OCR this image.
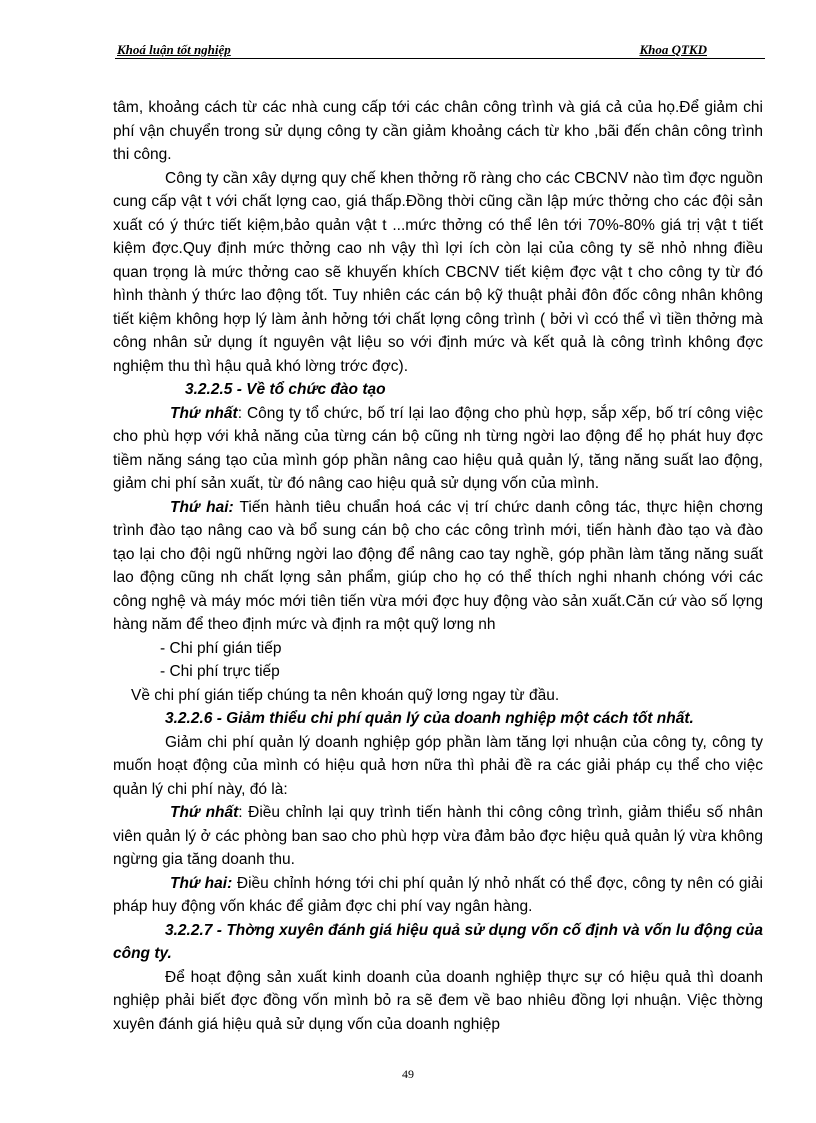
Khoá luận tốt nghiệp	Khoa QTKD

tâm, khoảng cách từ các nhà cung cấp tới các chân công trình và giá cả của họ.Để giảm chi phí vận chuyển trong sử dụng công ty cần giảm khoảng cách từ kho ,bãi đến chân công trình thi công.

Công ty cần xây dựng quy chế khen thởng rõ ràng cho các CBCNV nào tìm đợc nguồn cung cấp vật t với chất lợng cao, giá thấp.Đồng thời cũng cần lập mức thởng cho các đội sản xuất có ý thức tiết kiệm,bảo quản vật t ...mức thởng có thể lên tới 70%-80% giá trị vật t tiết kiệm đợc.Quy định mức thởng cao nh vậy thì lợi ích còn lại của công ty sẽ nhỏ nhng điều quan trọng là mức thởng cao sẽ khuyến khích CBCNV tiết kiệm đợc vật t cho công ty từ đó hình thành ý thức lao động tốt. Tuy nhiên các cán bộ kỹ thuật phải đôn đốc công nhân không tiết kiệm không hợp lý làm ảnh hởng tới chất lợng công trình ( bởi vì ccó thể vì tiền thởng mà công nhân sử dụng ít nguyên vật liệu so với định mức và kết quả là công trình không đợc nghiệm thu thì hậu quả khó lờng trớc đợc).

3.2.2.5 - Về tổ chức đào tạo

Thứ nhất: Công ty tổ chức, bố trí lại lao động cho phù hợp, sắp xếp, bố trí công việc cho phù hợp với khả năng của từng cán bộ cũng nh từng ngời lao động để họ phát huy đợc tiềm năng sáng tạo của mình góp phần nâng cao hiệu quả quản lý, tăng năng suất lao động, giảm chi phí sản xuất, từ đó nâng cao hiệu quả sử dụng vốn của mình.

Thứ hai: Tiến hành tiêu chuẩn hoá các vị trí chức danh công tác, thực hiện chơng trình đào tạo nâng cao và bổ sung cán bộ cho các công trình mới, tiến hành đào tạo và đào tạo lại cho đội ngũ những ngời lao động để nâng cao tay nghề, góp phần làm tăng năng suất lao động cũng nh chất lợng sản phẩm, giúp cho họ có thể thích nghi nhanh chóng với các công nghệ và máy móc mới tiên tiến vừa mới đợc huy động vào sản xuất.Căn cứ vào số lợng hàng năm để theo định mức và định ra một quỹ lơng nh

- Chi phí gián tiếp

- Chi phí trực tiếp

Về chi phí gián tiếp chúng ta nên khoán quỹ lơng ngay từ đầu.

3.2.2.6 - Giảm thiểu chi phí quản lý của doanh nghiệp một cách tốt nhất.

Giảm chi phí quản lý doanh nghiệp góp phần làm tăng lợi nhuận của công ty, công ty muốn hoạt động của mình có hiệu quả hơn nữa thì phải đề ra các giải pháp cụ thể cho việc quản lý chi phí này, đó là:

Thứ nhất: Điều chỉnh lại quy trình tiến hành thi công công trình, giảm thiểu số nhân viên quản lý ở các phòng ban sao cho phù hợp vừa đảm bảo đợc hiệu quả quản lý vừa không ngừng gia tăng doanh thu.

Thứ hai: Điều chỉnh hớng tới chi phí quản lý nhỏ nhất có thể đợc, công ty nên có giải pháp huy động vốn khác để giảm đợc chi phí vay ngân hàng.

3.2.2.7 - Thờng xuyên đánh giá hiệu quả sử dụng vốn cố định và vốn lu động của công ty.

Để hoạt động sản xuất kinh doanh của doanh nghiệp thực sự có hiệu quả thì doanh nghiệp phải biết đợc đồng vốn mình bỏ ra sẽ đem về bao nhiêu đồng lợi nhuận. Việc thờng xuyên đánh giá hiệu quả sử dụng vốn của doanh nghiệp

49
